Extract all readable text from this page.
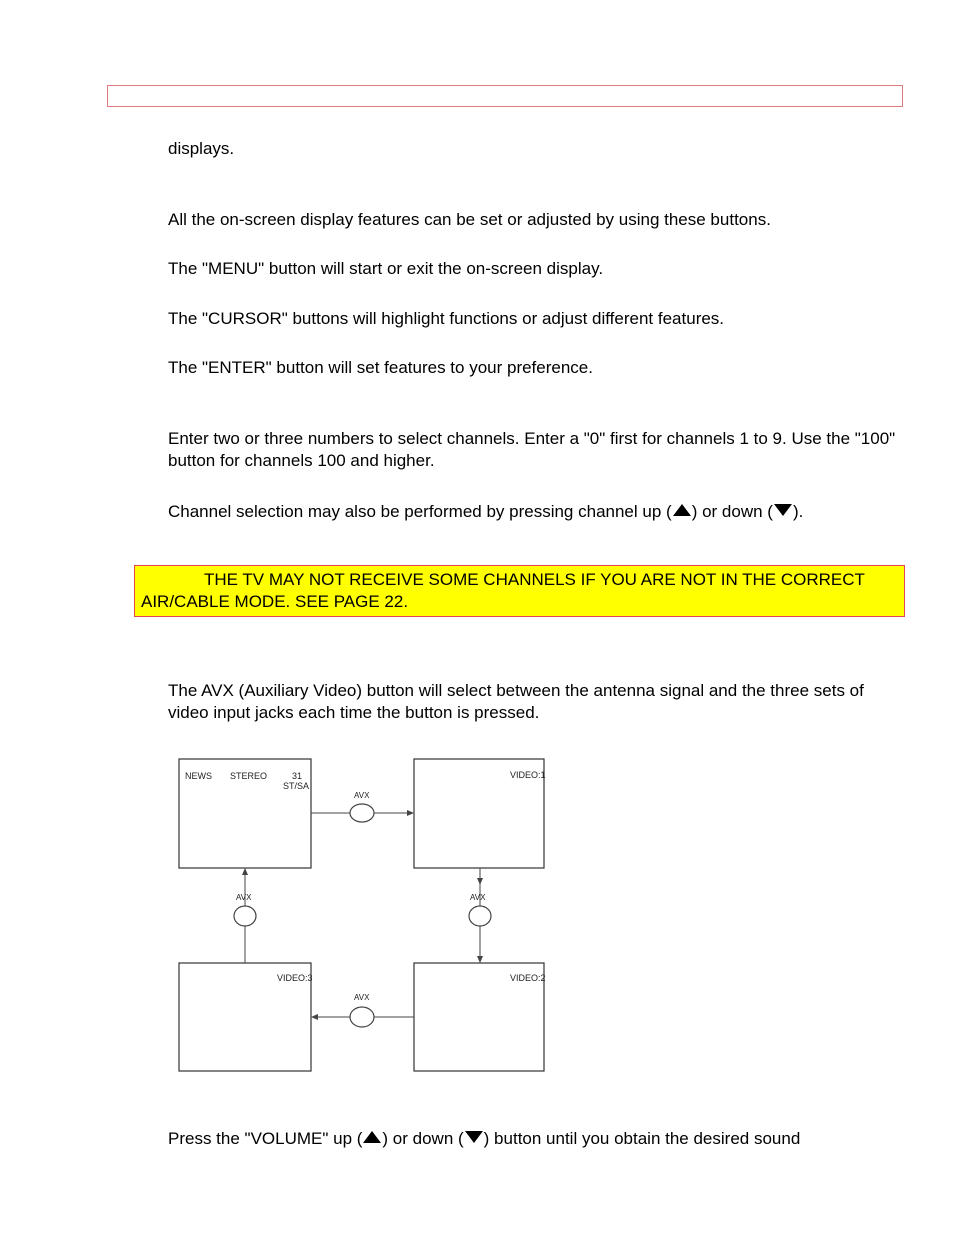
displays.

All the on-screen display features can be set or adjusted by using these buttons.

The "MENU" button will start or exit the on-screen display.

The "CURSOR" buttons will highlight functions or adjust different features.

The "ENTER" button will set features to your preference.

Enter two or three numbers to select channels. Enter a "0" first for channels 1 to 9. Use the "100" button for channels 100 and higher.

Channel selection may also be performed by pressing channel up ( ) or down ( ).

THE TV MAY NOT RECEIVE SOME CHANNELS IF YOU ARE NOT IN THE CORRECT AIR/CABLE MODE. SEE PAGE 22.

The AVX (Auxiliary Video) button will select between the antenna signal and the three sets of video input jacks each time the button is pressed.

NEWS STEREO	31
ST/SA
VIDEO:1
VIDEO:2
VIDEO:3
AVX
AVX
AVX
AVX

Press the "VOLUME" up ( ) or down ( ) button until you obtain the desired sound
